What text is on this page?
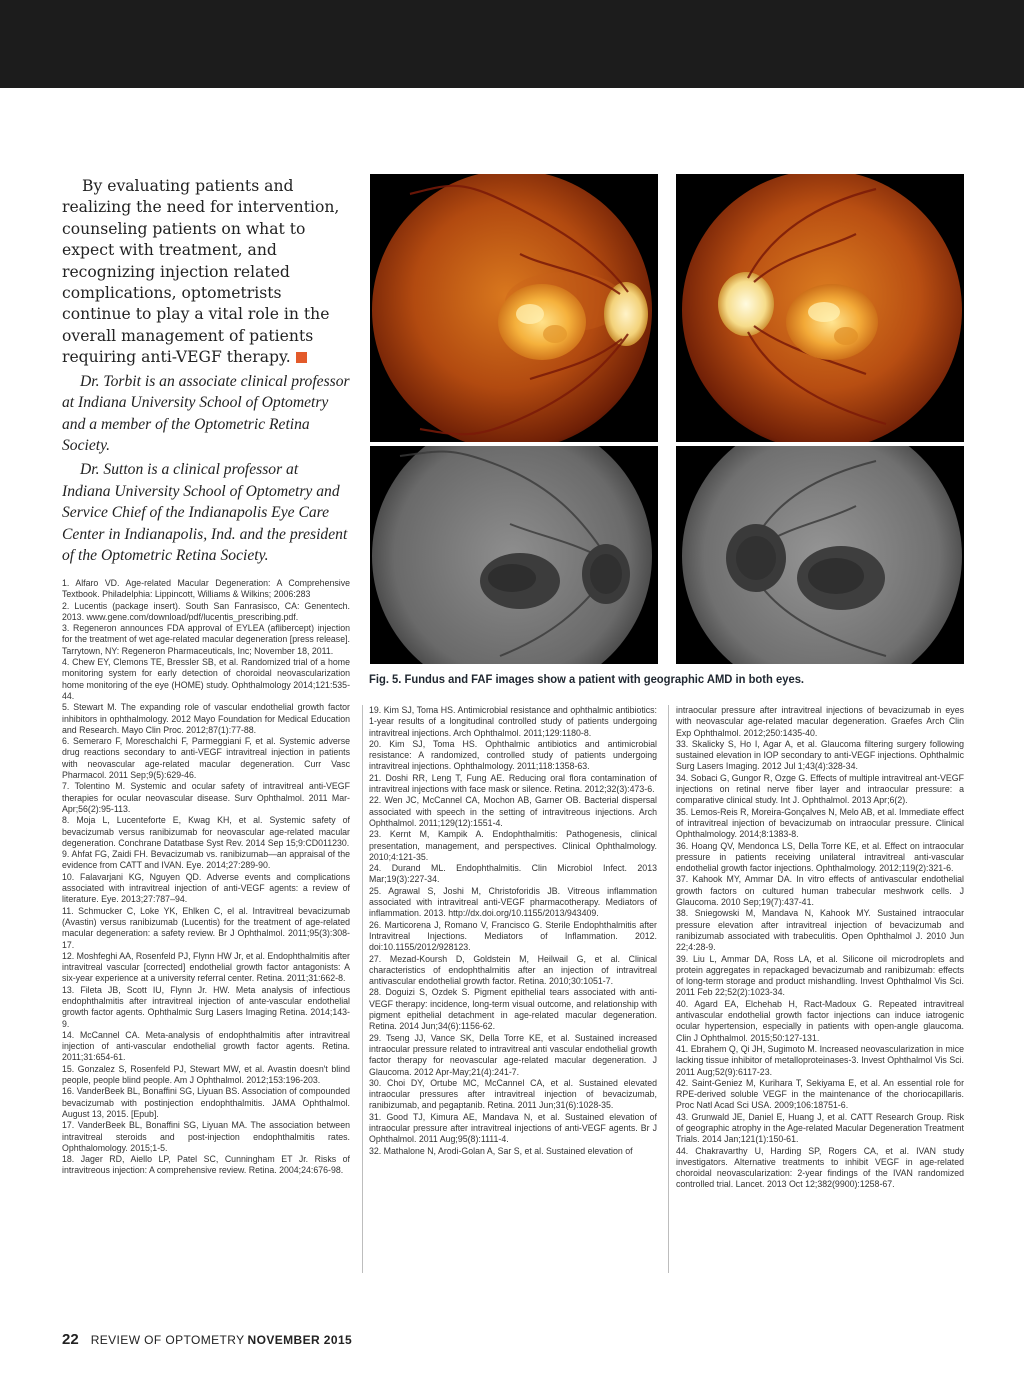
By evaluating patients and realizing the need for intervention, counseling patients on what to expect with treatment, and recognizing injection related complications, optometrists continue to play a vital role in the overall management of patients requiring anti-VEGF therapy.

Dr. Torbit is an associate clinical professor at Indiana University School of Optometry and a member of the Optometric Retina Society.

Dr. Sutton is a clinical professor at Indiana University School of Optometry and Service Chief of the Indianapolis Eye Care Center in Indianapolis, Ind. and the president of the Optometric Retina Society.

Fig. 5. Fundus and FAF images show a patient with geographic AMD in both eyes.

1. Alfaro VD. Age-related Macular Degeneration: A Comprehensive Textbook. Philadelphia: Lippincott, Williams & Wilkins; 2006:283

2. Lucentis (package insert). South San Fanrasisco, CA: Genentech. 2013. www.gene.com/download/pdf/lucentis_prescribing.pdf.

3. Regeneron announces FDA approval of EYLEA (aflibercept) injection for the treatment of wet age-related macular degeneration [press release]. Tarrytown, NY: Regeneron Pharmaceuticals, Inc; November 18, 2011.

4. Chew EY, Clemons TE, Bressler SB, et al. Randomized trial of a home monitoring system for early detection of choroidal neovascularization home monitoring of the eye (HOME) study. Ophthalmology 2014;121:535-44.

5. Stewart M. The expanding role of vascular endothelial growth factor inhibitors in ophthalmology. 2012 Mayo Foundation for Medical Education and Research. Mayo Clin Proc. 2012;87(1):77-88.

6. Semeraro F, Moreschalchi F, Parmeggiani F, et al. Systemic adverse drug reactions secondary to anti-VEGF intravitreal injection in patients with neovascular age-related macular degeneration. Curr Vasc Pharmacol. 2011 Sep;9(5):629-46.

7. Tolentino M. Systemic and ocular safety of intravitreal anti-VEGF therapies for ocular neovascular disease. Surv Ophthalmol. 2011 Mar-Apr;56(2):95-113.

8. Moja L, Lucenteforte E, Kwag KH, et al. Systemic safety of bevacizumab versus ranibizumab for neovascular age-related macular degeneration. Conchrane Datatbase Syst Rev. 2014 Sep 15;9:CD011230.

9. Ahfat FG, Zaidi FH. Bevacizumab vs. ranibizumab—an appraisal of the evidence from CATT and IVAN. Eye. 2014;27:289-90.

10. Falavarjani KG, Nguyen QD. Adverse events and complications associated with intravitreal injection of anti-VEGF agents: a review of literature. Eye. 2013;27:787–94.

11. Schmucker C, Loke YK, Ehlken C, el al. Intravitreal bevacizumab (Avastin) versus ranibizumab (Lucentis) for the treatment of age-related macular degeneration: a safety review. Br J Ophthalmol. 2011;95(3):308-17.

12. Moshfeghi AA, Rosenfeld PJ, Flynn HW Jr, et al. Endophthalmitis after intravitreal vascular [corrected] endothelial growth factor antagonists: A six-year experience at a university referral center. Retina. 2011;31:662-8.

13. Fileta JB, Scott IU, Flynn Jr. HW. Meta analysis of infectious endophthalmitis after intravitreal injection of ante-vascular endothelial growth factor agents. Ophthalmic Surg Lasers Imaging Retina. 2014;143-9.

14. McCannel CA. Meta-analysis of endophthalmitis after intravitreal injection of anti-vascular endothelial growth factor agents. Retina. 2011;31:654-61.

15. Gonzalez S, Rosenfeld PJ, Stewart MW, et al. Avastin doesn't blind people, people blind people. Am J Ophthalmol. 2012;153:196-203.

16. VanderBeek BL, Bonaffini SG, Liyuan BS. Association of compounded bevacizumab with postinjection endophthalmitis. JAMA Ophthalmol. August 13, 2015. [Epub].

17. VanderBeek BL, Bonaffini SG, Liyuan MA. The association between intravitreal steroids and post-injection endophthalmitis rates. Ophthalomology. 2015;1-5.

18. Jager RD, Aiello LP, Patel SC, Cunningham ET Jr. Risks of intravitreous injection: A comprehensive review. Retina. 2004;24:676-98.

19. Kim SJ, Toma HS. Antimicrobial resistance and ophthalmic antibiotics: 1-year results of a longitudinal controlled study of patients undergoing intravitreal injections. Arch Ophthalmol. 2011;129:1180-8.

20. Kim SJ, Toma HS. Ophthalmic antibiotics and antimicrobial resistance: A randomized, controlled study of patients undergoing intravitreal injections. Ophthalmology. 2011;118:1358-63.

21. Doshi RR, Leng T, Fung AE. Reducing oral flora contamination of intravitreal injections with face mask or silence. Retina. 2012;32(3):473-6.

22. Wen JC, McCannel CA, Mochon AB, Garner OB. Bacterial dispersal associated with speech in the setting of intravitreous injections. Arch Ophthalmol. 2011;129(12):1551-4.

23. Kernt M, Kampik A. Endophthalmitis: Pathogenesis, clinical presentation, management, and perspectives. Clinical Ophthalmology. 2010;4:121-35.

24. Durand ML. Endophthalmitis. Clin Microbiol Infect. 2013 Mar;19(3):227-34.

25. Agrawal S, Joshi M, Christoforidis JB. Vitreous inflammation associated with intravitreal anti-VEGF pharmacotherapy. Mediators of inflammation. 2013. http://dx.doi.org/10.1155/2013/943409.

26. Marticorena J, Romano V, Francisco G. Sterile Endophthalmitis after Intravitreal Injections. Mediators of Inflammation. 2012. doi:10.1155/2012/928123.

27. Mezad-Koursh D, Goldstein M, Heilwail G, et al. Clinical characteristics of endophthalmitis after an injection of intravitreal antivascular endothelial growth factor. Retina. 2010;30:1051-7.

28. Doguizi S, Ozdek S. Pigment epithelial tears associated with anti-VEGF therapy: incidence, long-term visual outcome, and relationship with pigment epithelial detachment in age-related macular degeneration. Retina. 2014 Jun;34(6):1156-62.

29. Tseng JJ, Vance SK, Della Torre KE, et al. Sustained increased intraocular pressure related to intravitreal anti vascular endothelial growth factor therapy for neovascular age-related macular degeneration. J Glaucoma. 2012 Apr-May;21(4):241-7.

30. Choi DY, Ortube MC, McCannel CA, et al. Sustained elevated intraocular pressures after intravitreal injection of bevacizumab, ranibizumab, and pegaptanib. Retina. 2011 Jun;31(6):1028-35.

31. Good TJ, Kimura AE, Mandava N, et al. Sustained elevation of intraocular pressure after intravitreal injections of anti-VEGF agents. Br J Ophthalmol. 2011 Aug;95(8):1111-4.

32. Mathalone N, Arodi-Golan A, Sar S, et al. Sustained elevation of

intraocular pressure after intravitreal injections of bevacizumab in eyes with neovascular age-related macular degeneration. Graefes Arch Clin Exp Ophthalmol. 2012;250:1435-40.

33. Skalicky S, Ho I, Agar A, et al. Glaucoma filtering surgery following sustained elevation in IOP secondary to anti-VEGF injections. Ophthalmic Surg Lasers Imaging. 2012 Jul 1;43(4):328-34.

34. Sobaci G, Gungor R, Ozge G. Effects of multiple intravitreal ant-VEGF injections on retinal nerve fiber layer and intraocular pressure: a comparative clinical study. Int J. Ophthalmol. 2013 Apr;6(2).

35. Lemos-Reis R, Moreira-Gonçalves N, Melo AB, et al. Immediate effect of intravitreal injection of bevacizumab on intraocular pressure. Clinical Ophthalmology. 2014;8:1383-8.

36. Hoang QV, Mendonca LS, Della Torre KE, et al. Effect on intraocular pressure in patients receiving unilateral intravitreal anti-vascular endothelial growth factor injections. Ophthalmology. 2012;119(2):321-6.

37. Kahook MY, Ammar DA. In vitro effects of antivascular endothelial growth factors on cultured human trabecular meshwork cells. J Glaucoma. 2010 Sep;19(7):437-41.

38. Sniegowski M, Mandava N, Kahook MY. Sustained intraocular pressure elevation after intravitreal injection of bevacizumab and ranibizumab associated with trabeculitis. Open Ophthalmol J. 2010 Jun 22;4:28-9.

39. Liu L, Ammar DA, Ross LA, et al. Silicone oil microdroplets and protein aggregates in repackaged bevacizumab and ranibizumab: effects of long-term storage and product mishandling. Invest Ophthalmol Vis Sci. 2011 Feb 22;52(2):1023-34.

40. Agard EA, Elchehab H, Ract-Madoux G. Repeated intravitreal antivascular endothelial growth factor injections can induce iatrogenic ocular hypertension, especially in patients with open-angle glaucoma. Clin J Ophthalmol. 2015;50:127-131.

41. Ebrahem Q, Qi JH, Sugimoto M. Increased neovascularization in mice lacking tissue inhibitor of metalloproteinases-3. Invest Ophthalmol Vis Sci. 2011 Aug;52(9):6117-23.

42. Saint-Geniez M, Kurihara T, Sekiyama E, et al. An essential role for RPE-derived soluble VEGF in the maintenance of the choriocapillaris. Proc Natl Acad Sci USA. 2009;106:18751-6.

43. Grunwald JE, Daniel E, Huang J, et al. CATT Research Group. Risk of geographic atrophy in the Age-related Macular Degeneration Treatment Trials. 2014 Jan;121(1):150-61.

44. Chakravarthy U, Harding SP, Rogers CA, et al. IVAN study investigators. Alternative treatments to inhibit VEGF in age-related choroidal neovascularization: 2-year findings of the IVAN randomized controlled trial. Lancet. 2013 Oct 12;382(9900):1258-67.

22 REVIEW OF OPTOMETRY NOVEMBER 2015
